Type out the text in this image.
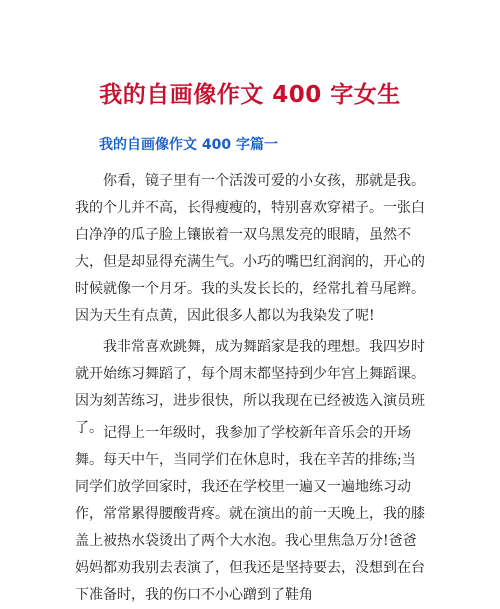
我的自画像作文 400 字女生
我的自画像作文 400 字篇一

你看，镜子里有一个活泼可爱的小女孩，那就是我。我的个儿并不高，长得瘦瘦的，特别喜欢穿裙子。一张白白净净的瓜子脸上镶嵌着一双乌黑发亮的眼睛，虽然不大，但是却显得充满生气。小巧的嘴巴红润润的，开心的时候就像一个月牙。我的头发长长的，经常扎着马尾辫。因为天生有点黄，因此很多人都以为我染发了呢!

我非常喜欢跳舞，成为舞蹈家是我的理想。我四岁时就开始练习舞蹈了，每个周末都坚持到少年宫上舞蹈课。因为刻苦练习，进步很快，所以我现在已经被选入演员班了。 记得上一年级时，我参加了学校新年音乐会的开场舞。每天中午，当同学们在休息时，我在辛苦的排练;当同学们放学回家时，我还在学校里一遍又一遍地练习动作，常常累得腰酸背疼。就在演出的前一天晚上，我的膝盖上被热水袋烫出了两个大水泡。我心里焦急万分!爸爸妈妈都劝我别去表演了，但我还是坚持要去，没想到在台下准备时，我的伤口不小心蹭到了鞋角
